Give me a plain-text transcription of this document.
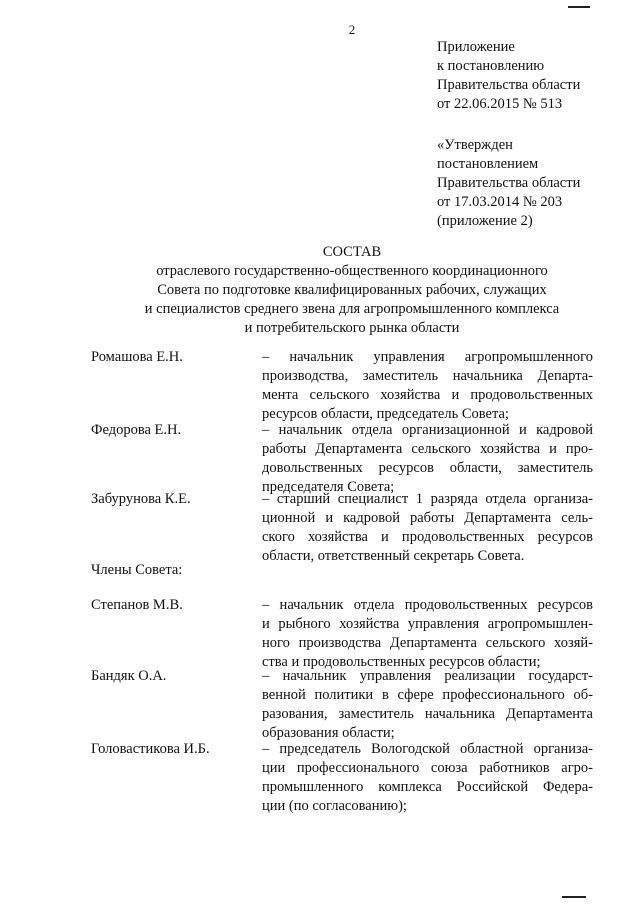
2
Приложение
к постановлению
Правительства области
от 22.06.2015 № 513
«Утвержден
постановлением
Правительства области
от 17.03.2014 № 203
(приложение 2)
СОСТАВ
отраслевого государственно-общественного координационного
Совета по подготовке квалифицированных рабочих, служащих
и специалистов среднего звена для агропромышленного комплекса
и потребительского рынка области
Ромашова Е.Н.	– начальник управления агропромышленного
производства, заместитель начальника Департа-
мента сельского хозяйства и продовольственных
ресурсов области, председатель Совета;
Федорова Е.Н.	– начальник отдела организационной и кадровой
работы Департамента сельского хозяйства и про-
довольственных ресурсов области, заместитель
председателя Совета;
Забурунова К.Е.	– старший специалист 1 разряда отдела организа-
ционной и кадровой работы Департамента сель-
ского хозяйства и продовольственных ресурсов
области, ответственный секретарь Совета.
Члены Совета:
Степанов М.В.	– начальник отдела продовольственных ресурсов
и рыбного хозяйства управления агропромышлен-
ного производства Департамента сельского хозяй-
ства и продовольственных ресурсов области;
Бандяк О.А.	– начальник управления реализации государст-
венной политики в сфере профессионального об-
разования, заместитель начальника Департамента
образования области;
Головастикова И.Б.	– председатель Вологодской областной организа-
ции профессионального союза работников агро-
промышленного комплекса Российской Федера-
ции (по согласованию);
